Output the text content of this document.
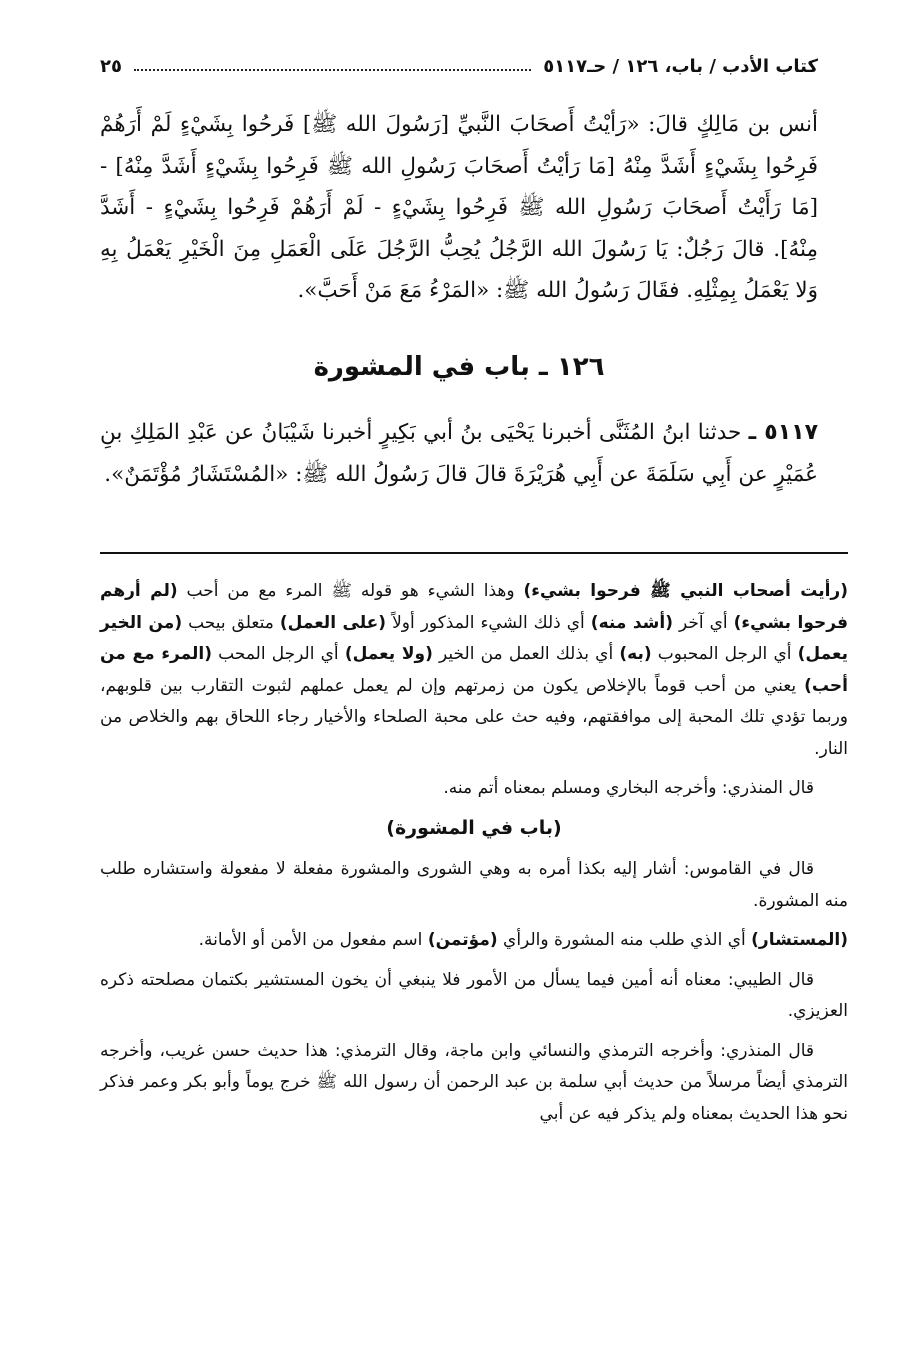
كتاب الأدب / باب، ١٢٦ / حـ٥١١٧
٢٥

أنس بن مَالِكٍ قالَ: «رَأيْتُ أَصحَابَ النَّبيِّ [رَسُولَ الله ﷺ] فَرحُوا بِشَيْءٍ لَمْ أَرَهُمْ فَرِحُوا بِشَيْءٍ أَشَدَّ مِنْهُ [مَا رَأيْتُ أَصحَابَ رَسُولِ الله ﷺ فَرِحُوا بِشَيْءٍ أَشَدَّ مِنْهُ] - [مَا رَأَيْتُ أَصحَابَ رَسُولِ الله ﷺ فَرِحُوا بِشَيْءٍ - لَمْ أَرَهُمْ فَرِحُوا بِشَيْءٍ - أَشَدَّ مِنْهُ]. قالَ رَجُلٌ: يَا رَسُولَ الله الرَّجُلُ يُحِبُّ الرَّجُلَ عَلَى الْعَمَلِ مِنَ الْخَيْرِ يَعْمَلُ بِهِ وَلا يَعْمَلُ بِمِثْلِهِ. فقَالَ رَسُولُ الله ﷺ: «المَرْءُ مَعَ مَنْ أَحَبَّ».

١٢٦ ـ باب في المشورة
٥١١٧ ـ حدثنا ابنُ المُثَنَّى أخبرنا يَحْيَى بنُ أبي بَكِيرٍ أخبرنا شَيْبَانُ عن عَبْدِ المَلِكِ بنِ عُمَيْرٍ عن أَبِي سَلَمَةَ عن أَبِي هُرَيْرَةَ قالَ قالَ رَسُولُ الله ﷺ: «المُسْتَشَارُ مُؤْتَمَنٌ».

(رأيت أصحاب النبي ﷺ فرحوا بشيء) وهذا الشيء هو قوله ﷺ المرء مع من أحب (لم أرهم فرحوا بشيء) أي آخر (أشد منه) أي ذلك الشيء المذكور أولاً (على العمل) متعلق بيحب (من الخير يعمل) أي الرجل المحبوب (به) أي بذلك العمل من الخير (ولا يعمل) أي الرجل المحب (المرء مع من أحب) يعني من أحب قوماً بالإخلاص يكون من زمرتهم وإن لم يعمل عملهم لثبوت التقارب بين قلوبهم، وربما تؤدي تلك المحبة إلى موافقتهم، وفيه حث على محبة الصلحاء والأخيار رجاء اللحاق بهم والخلاص من النار.

قال المنذري: وأخرجه البخاري ومسلم بمعناه أتم منه.

(باب في المشورة)

قال في القاموس: أشار إليه بكذا أمره به وهي الشورى والمشورة مفعلة لا مفعولة واستشاره طلب منه المشورة.

(المستشار) أي الذي طلب منه المشورة والرأي (مؤتمن) اسم مفعول من الأمن أو الأمانة.

قال الطيبي: معناه أنه أمين فيما يسأل من الأمور فلا ينبغي أن يخون المستشير بكتمان مصلحته ذكره العزيزي.

قال المنذري: وأخرجه الترمذي والنسائي وابن ماجة، وقال الترمذي: هذا حديث حسن غريب، وأخرجه الترمذي أيضاً مرسلاً من حديث أبي سلمة بن عبد الرحمن أن رسول الله ﷺ خرج يوماً وأبو بكر وعمر فذكر نحو هذا الحديث بمعناه ولم يذكر فيه عن أبي
